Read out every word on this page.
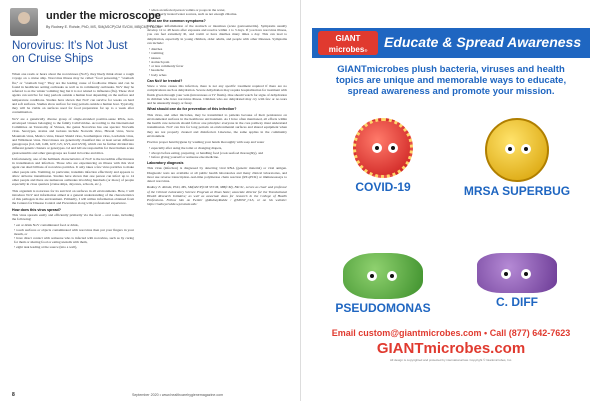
under the microscope
By Rodney E. Rohde, PhD, MS, SM(ASCP)CM SVCM, MB(CM), FACSc
Norovirus: It’s Not Just on Cruise Ships

When one reads or hears about the noroviruses (NoV), they likely think about a rough voyage on a cruise ship. Norovirus illness may be called “food poisoning,” “stomach flu,” or “stomach bug.” They are the leading cause of foodborne illness and can be found in healthcare setting outbreaks as well as in community outbreaks. NoV may be referred to as the winter vomiting bug but it is not related to influenza (flu). These viral agents can survive for long periods outside a human host depending on the surface and temperature conditions. Studies have shown that NoV can survive for weeks on hard and soft surfaces. Studies show surface for long periods outside a human host. Typically, they will be viable on surfaces used for food preparation for up to a week after contamination.

NoV are a genetically diverse group of single-stranded positive-sense RNA, non-enveloped viruses belonging to the family Caliciviridae. According to the International Committee on Taxonomy of Viruses, the genus Norovirus has one species: Norwalk virus. Serotypes, strains and isolates include Norwalk virus, Hawaii virus, Snow Mountain virus, Mexico virus, Desert Shield virus, Southampton virus, Lordsdale virus, and Wilkinson virus. Noroviruses are genetically classified into at least seven different genogroups (GI, GII, GIII, GIV, GV, GVI, and GVII), which can be further divided into different genetic clusters or genotypes. GI and GII are responsible for most human acute gastroenteritis and other genogroups are found in bovine and mice.

Unfortunately, one of the hallmark characteristics of NoV is the incredible effectiveness in transmission and infection. Those who are experiencing an illness with this viral agent can shed billions of norovirus particles. It only takes a few virus particles to make other people sick. Vomiting, in particular, transmits infection effectively and appears to allow airborne transmission. Studies have shown that one person can infect up to 14 other people and there are numerous outbreaks involving hundreds (or more) of people especially in close quarters (cruise ships, daycares, schools, etc.).

This organism is notorious for its survival on surfaces in all environments. Here, I will introduce NoV and information aimed at a general understanding of the characteristics of this pathogen in the environment. Primarily, I will utilize information obtained from the Centers for Disease Control and Prevention along with professional experience.

How does this virus spread?

This virus spreads easily and efficiently primarily via the fecal – oral route, including the following:

• eat or drink NoV contaminated food or drink,
• touch surfaces or objects contaminated with norovirus then put your fingers in your mouth, or
• have direct contact with someone who is infected with norovirus, such as by caring for them or sharing food or eating utensils with them,
• eight task leading at the source (into a well),
• when an infected person vomits or poops in the water,
• improperly treated water sources, such as not enough chlorine.
What are the common symptoms?

NoV cause inflammation of the stomach or intestines (acute gastroenteritis). Symptoms usually develop 12 to 48 hours after exposure and resolve within 1 to 3 days. If you have norovirus illness, you can feel extremely ill, and vomit or have diarrhea many times a day. This can lead to dehydration, especially in young children, older adults, and people with other illnesses. Symptoms can include:

• diarrhea
• vomiting
• nausea
• stomach pain
• or less commonly fever
• headache
• body aches
Can NoV be treated?

Since a virus causes this infection, there is not any specific treatment required if there are no complications such as dehydration. Severe dehydration may require hospitalization for treatment with fluids given through your vein (intravenous or IV fluids). One should watch for signs of dehydration in children who have norovirus illness. Children who are dehydrated may cry with few or no tears and be unusually sleepy or fussy.

What should one do for prevention of this infection?

This virus, and other microbes, may be transmitted to patients because of their persistence on environmental surfaces in the healthcare environment. As I have often mentioned, all efforts within the health care network should follow one principle: everyone in the care pathway must understand transmission. NoV can live for long periods on environmental surfaces and shared equipment when they are not properly cleaned and disinfected. Likewise, the same applies in the community environment.

Practice proper hand hygiene by washing your hands thoroughly with soap and water

• especially after using the toilet or changing diapers,
• always before eating, preparing, or handling food (cook seafood thoroughly), and
• before giving yourself or someone else medicine.
Laboratory diagnosis

This virus (infection) is diagnosed by detecting viral RNA (genetic material) or viral antigen. Diagnostic tests are available at all public health laboratories and many clinical laboratories, and most use reverse transcription–real-time polymerase chain reaction (RT-qPCR) or immunoassays to detect norovirus.

Rodney E. Rohde, PhD, MS, SM(ASCP)CM SVCM, MB(CM), FACSc, serves as chair and professor of the Clinical Laboratory Science Program at Texas State; associate director for the Translational Health Research Initiative; as well as associate dean for research in the College of Health Professions. Follow him on Twitter @RodneyRohde / @MOST_CLS, or on his website: https://rodneyerohde.wp.txstate.edu/

8	September 2020 • www.healthcarehygienemagazine.com
GIANT
microbes®
Educate & Spread Awareness
GIANTmicrobes plush bacteria, viruses and health topics are unique and memorable ways to educate, spread awareness and promote your mission.
COVID-19	MRSA SUPERBUG
PSEUDOMONAS	C. DIFF
Email custom@giantmicrobes.com • Call (877) 642-7623
GIANTmicrobes.com
All design is copyrighted and protected by international law. Copyright © Giantmicrobes, Inc.
